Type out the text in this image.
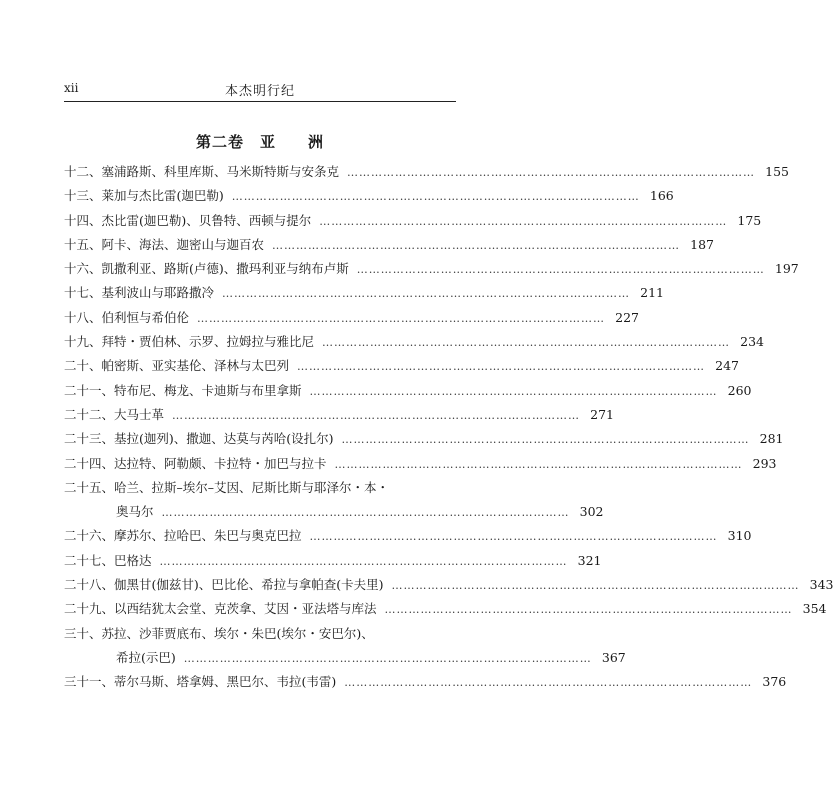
xii	本杰明行纪
第二卷　亚　　洲
十二、塞浦路斯、科里库斯、马米斯特斯与安条克 ………………………………………………………………………………………… 155
十三、莱加与杰比雷(迦巴勒) ………………………………………………………………………………………… 166
十四、杰比雷(迦巴勒)、贝鲁特、西顿与提尔 ………………………………………………………………………………………… 175
十五、阿卡、海法、迦密山与迦百农 ………………………………………………………………………………………… 187
十六、凯撒利亚、路斯(卢德)、撒玛利亚与纳布卢斯 ………………………………………………………………………………………… 197
十七、基利波山与耶路撒冷 ………………………………………………………………………………………… 211
十八、伯利恒与希伯伦 ………………………………………………………………………………………… 227
十九、拜特・贾伯林、示罗、拉姆拉与雅比尼 ………………………………………………………………………………………… 234
二十、帕密斯、亚实基伦、泽林与太巴列 ………………………………………………………………………………………… 247
二十一、特布尼、梅龙、卡迪斯与布里拿斯 ………………………………………………………………………………………… 260
二十二、大马士革 ………………………………………………………………………………………… 271
二十三、基拉(迦列)、撒迦、达莫与芮哈(设扎尔) ………………………………………………………………………………………… 281
二十四、达拉特、阿勒颇、卡拉特・加巴与拉卡 ………………………………………………………………………………………… 293
二十五、哈兰、拉斯–埃尔–艾因、尼斯比斯与耶泽尔・本・
奥马尔 ………………………………………………………………………………………… 302
二十六、摩苏尔、拉哈巴、朱巴与奥克巴拉 ………………………………………………………………………………………… 310
二十七、巴格达 ………………………………………………………………………………………… 321
二十八、伽黑甘(伽兹甘)、巴比伦、希拉与拿帕查(卡夫里) ………………………………………………………………………………………… 343
二十九、以西结犹太会堂、克茨拿、艾因・亚法塔与库法 ………………………………………………………………………………………… 354
三十、苏拉、沙菲贾底布、埃尔・朱巴(埃尔・安巴尔)、
希拉(示巴) ………………………………………………………………………………………… 367
三十一、蒂尔马斯、塔拿姆、黑巴尔、韦拉(韦雷) ………………………………………………………………………………………… 376
